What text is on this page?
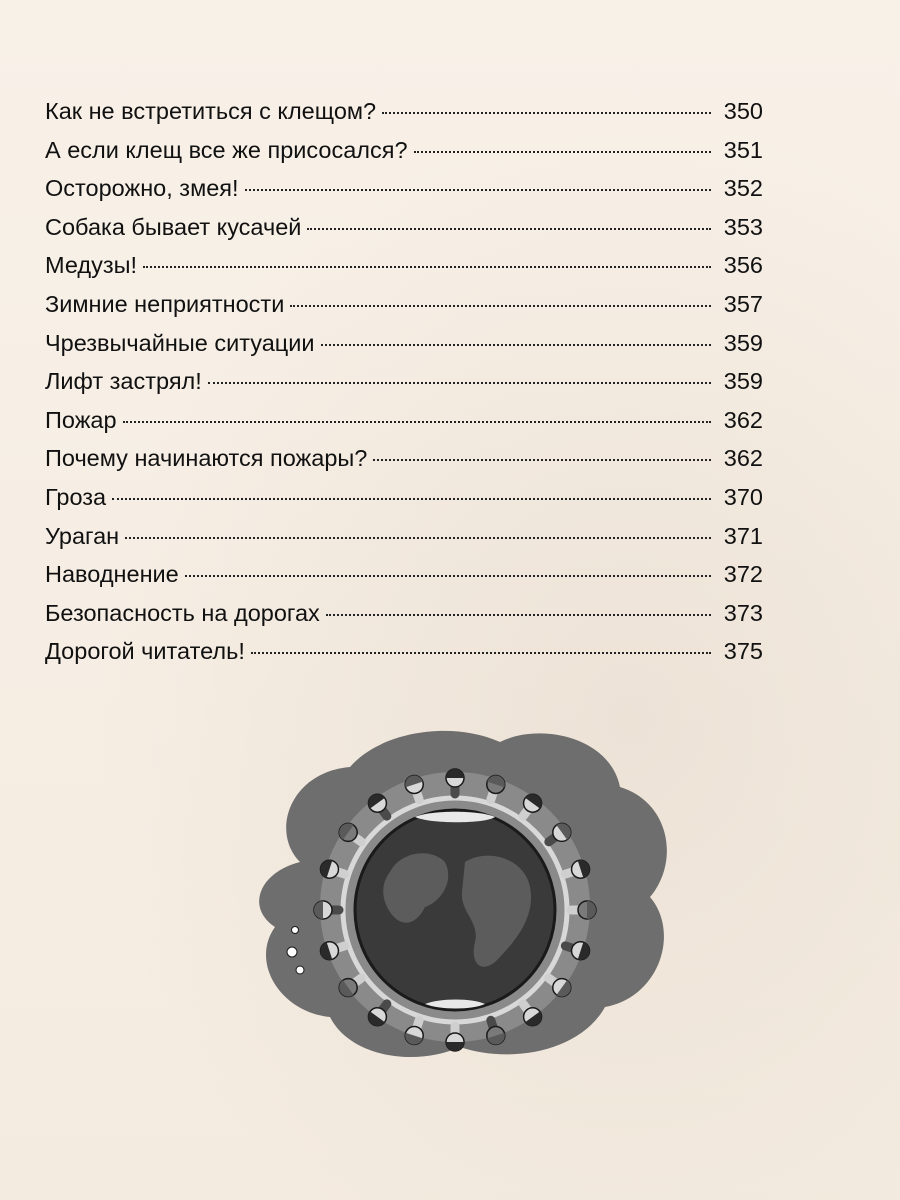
Как не встретиться с клещом?	350
А если клещ все же присосался?	351
Осторожно, змея!	352
Собака бывает кусачей	353
Медузы!	356
Зимние неприятности	357
Чрезвычайные ситуации	359
Лифт застрял!	359
Пожар	362
Почему начинаются пожары?	362
Гроза	370
Ураган	371
Наводнение	372
Безопасность на дорогах	373
Дорогой читатель!	375
